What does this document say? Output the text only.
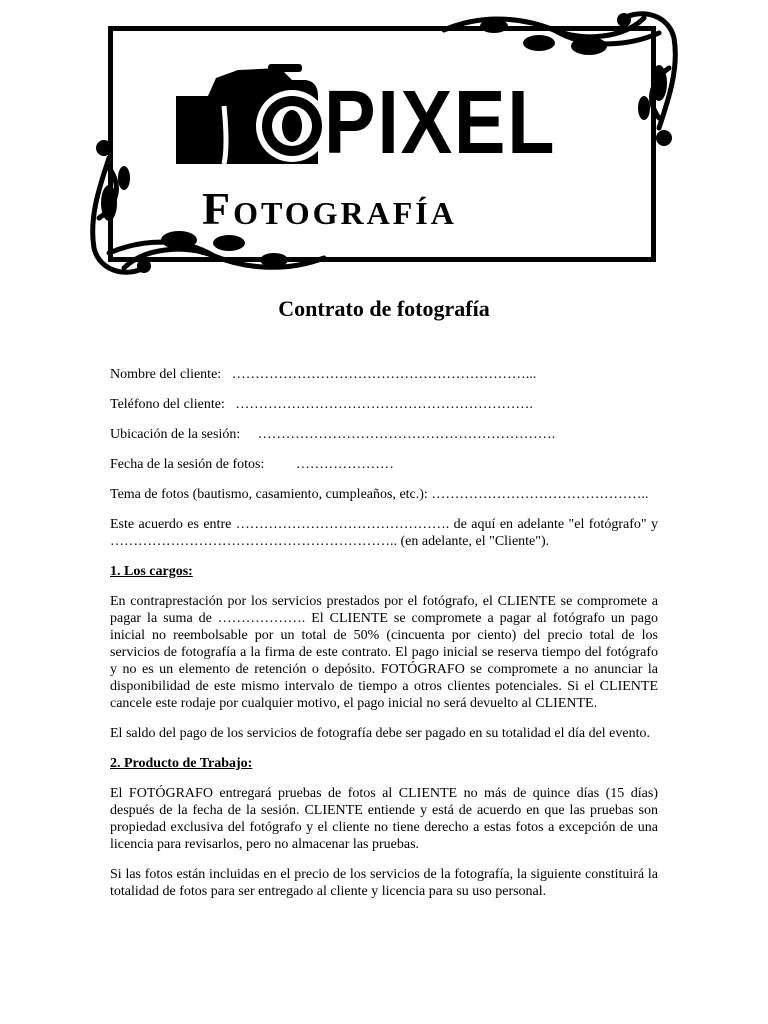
PIXEL
Fotografía
Contrato de fotografía
Nombre del cliente: ………………………………………………………...
Teléfono del cliente: ……………………………………………………….
Ubicación de la sesión: ……………………………………………………….
Fecha de la sesión de fotos: …………………
Tema de fotos (bautismo, casamiento, cumpleaños, etc.): ………………………………………..

Este acuerdo es entre ………………………………………. de aquí en adelante "el fotógrafo" y …………………………………………………….. (en adelante, el "Cliente").

1. Los cargos:

En contraprestación por los servicios prestados por el fotógrafo, el CLIENTE se compromete a pagar la suma de ………………. El CLIENTE se compromete a pagar al fotógrafo un pago inicial no reembolsable por un total de 50% (cincuenta por ciento) del precio total de los servicios de fotografía a la firma de este contrato. El pago inicial se reserva tiempo del fotógrafo y no es un elemento de retención o depósito. FOTÓGRAFO se compromete a no anunciar la disponibilidad de este mismo intervalo de tiempo a otros clientes potenciales. Si el CLIENTE cancele este rodaje por cualquier motivo, el pago inicial no será devuelto al CLIENTE.

El saldo del pago de los servicios de fotografía debe ser pagado en su totalidad el día del evento.

2. Producto de Trabajo:

El FOTÓGRAFO entregará pruebas de fotos al CLIENTE no más de quince días (15 días) después de la fecha de la sesión. CLIENTE entiende y está de acuerdo en que las pruebas son propiedad exclusiva del fotógrafo y el cliente no tiene derecho a estas fotos a excepción de una licencia para revisarlos, pero no almacenar las pruebas.

Si las fotos están incluidas en el precio de los servicios de la fotografía, la siguiente constituirá la totalidad de fotos para ser entregado al cliente y licencia para su uso personal.
